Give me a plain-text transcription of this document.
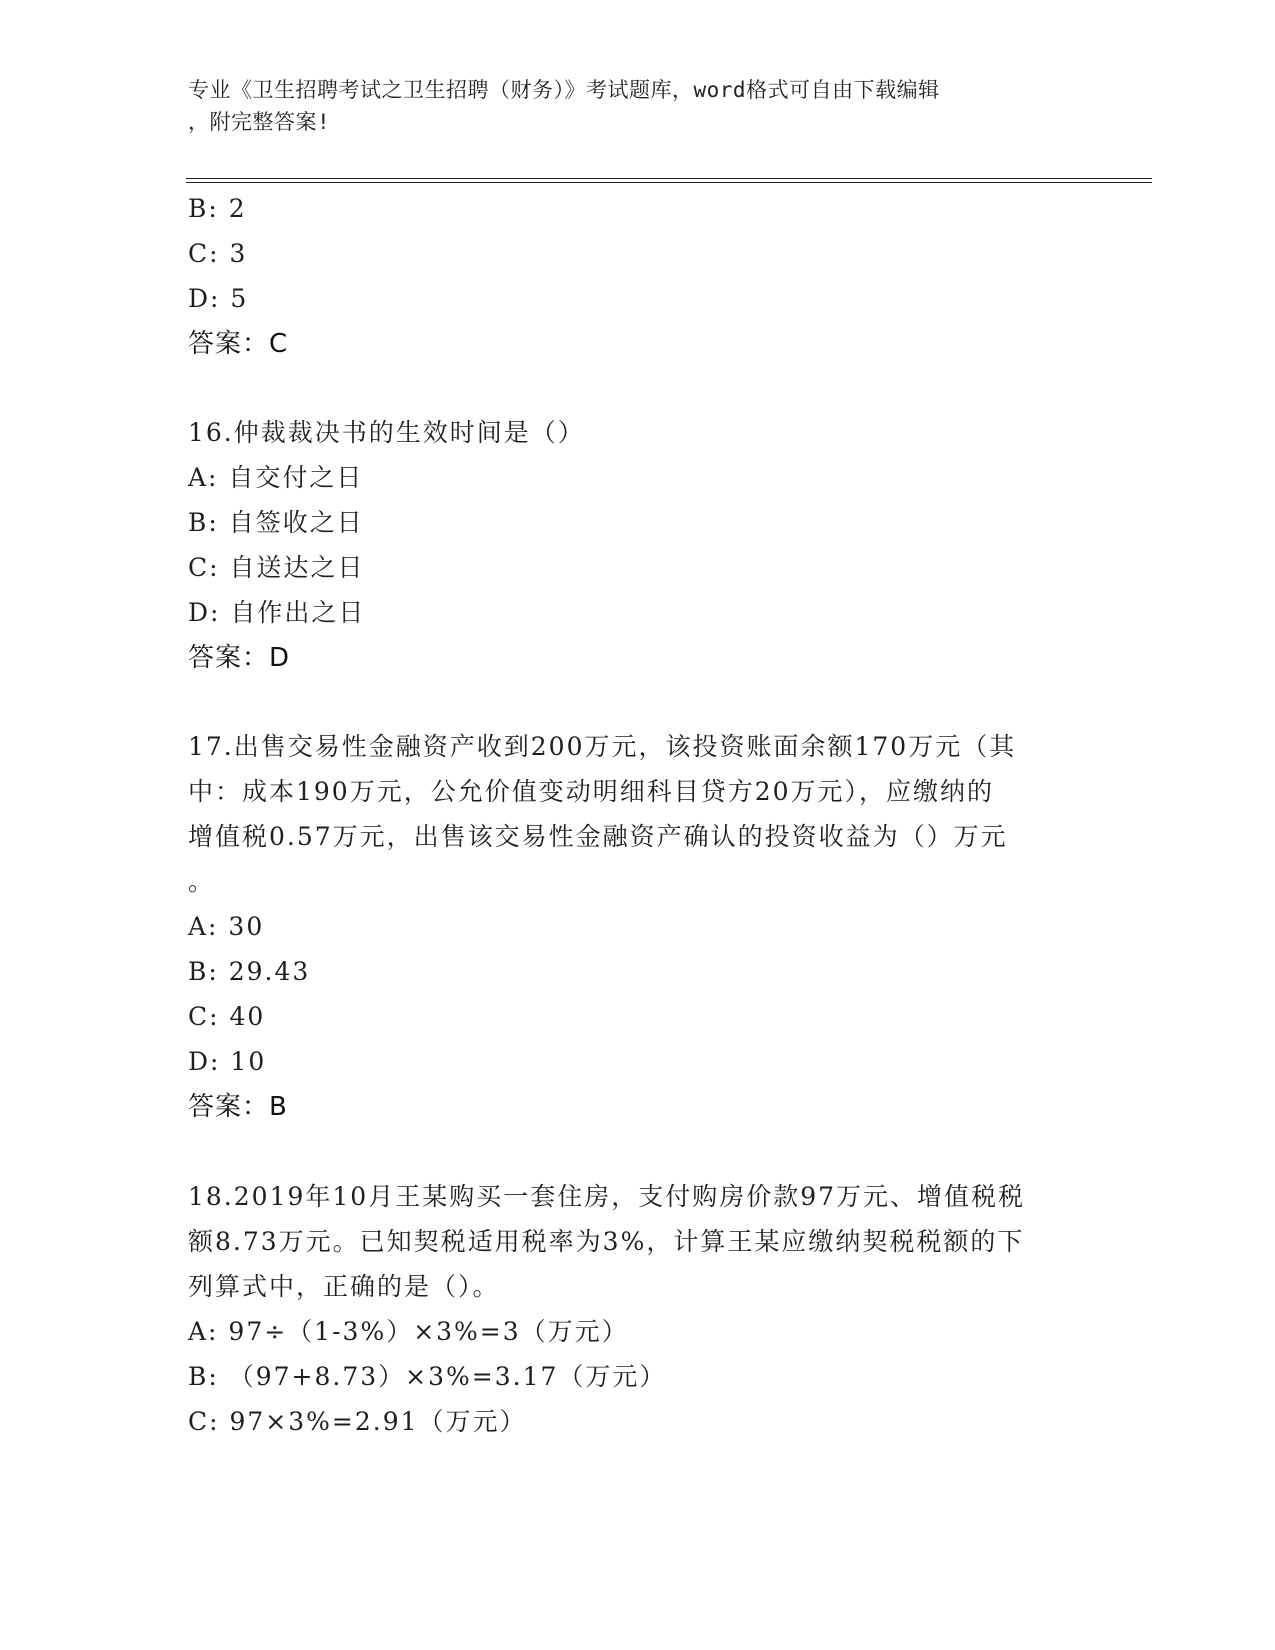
专业《卫生招聘考试之卫生招聘（财务）》考试题库，word格式可自由下载编辑
，附完整答案!
B: 2
C: 3
D: 5
答案：C
16.仲裁裁决书的生效时间是（）
A: 自交付之日
B: 自签收之日
C: 自送达之日
D: 自作出之日
答案：D
17.出售交易性金融资产收到200万元，该投资账面余额170万元（其
中：成本190万元，公允价值变动明细科目贷方20万元），应缴纳的
增值税0.57万元，出售该交易性金融资产确认的投资收益为（）万元
。
A: 30
B: 29.43
C: 40
D: 10
答案：B
18.2019年10月王某购买一套住房，支付购房价款97万元、增值税税
额8.73万元。已知契税适用税率为3%，计算王某应缴纳契税税额的下
列算式中，正确的是（）。
A: 97÷（1-3%）×3%=3（万元）
B: （97+8.73）×3%=3.17（万元）
C: 97×3%=2.91（万元）
